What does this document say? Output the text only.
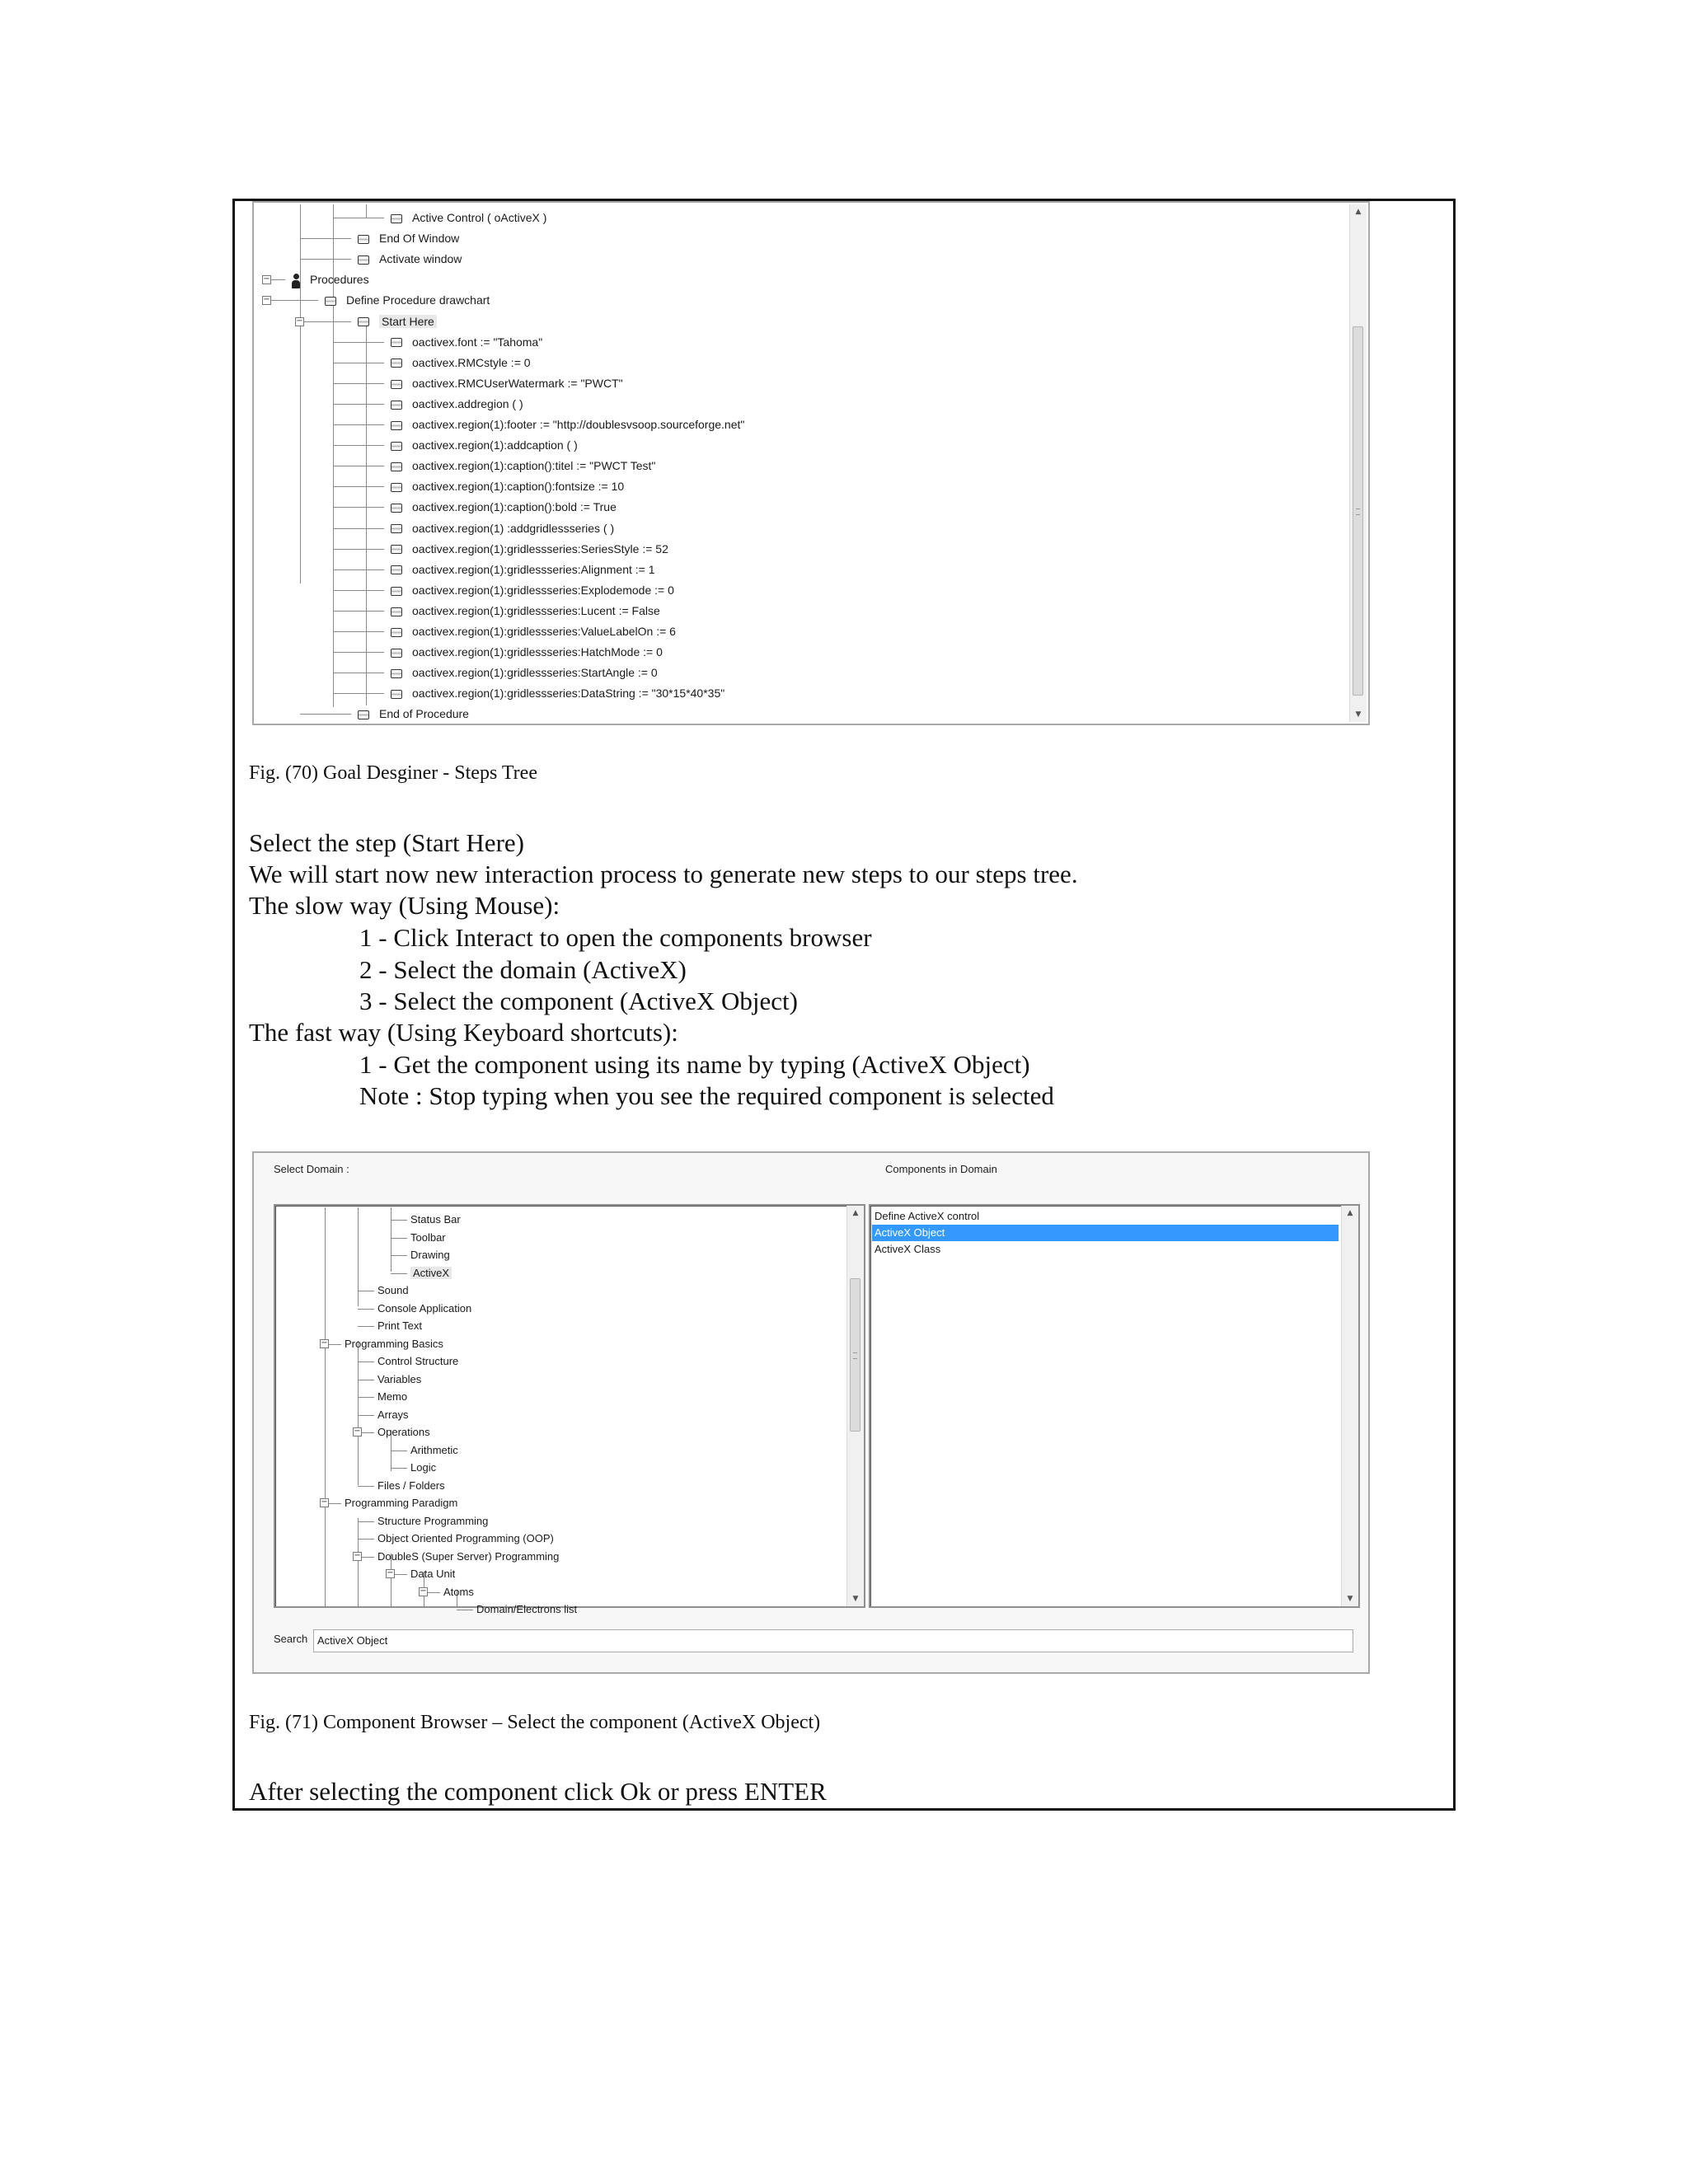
Active Control ( oActiveX )
End Of Window
Activate window
−	Procedures
−	Define Procedure drawchart
−	Start Here
oactivex.font := "Tahoma"
oactivex.RMCstyle := 0
oactivex.RMCUserWatermark := "PWCT"
oactivex.addregion ( )
oactivex.region(1):footer := "http://doublesvsoop.sourceforge.net"
oactivex.region(1):addcaption ( )
oactivex.region(1):caption():titel := "PWCT Test"
oactivex.region(1):caption():fontsize := 10
oactivex.region(1):caption():bold := True
oactivex.region(1) :addgridlessseries ( )
oactivex.region(1):gridlessseries:SeriesStyle := 52
oactivex.region(1):gridlessseries:Alignment := 1
oactivex.region(1):gridlessseries:Explodemode := 0
oactivex.region(1):gridlessseries:Lucent := False
oactivex.region(1):gridlessseries:ValueLabelOn := 6
oactivex.region(1):gridlessseries:HatchMode := 0
oactivex.region(1):gridlessseries:StartAngle := 0
oactivex.region(1):gridlessseries:DataString := "30*15*40*35"
End of Procedure
▲
▼
Fig. (70) Goal Desginer - Steps Tree
Select the step (Start Here)
We will start now new interaction process to generate new steps to our steps tree.
The slow way (Using Mouse):
1 - Click Interact to open the components browser
2 - Select the domain (ActiveX)
3 - Select the component (ActiveX Object)
The fast way (Using Keyboard shortcuts):
1 - Get the component using its name by typing (ActiveX Object)
Note : Stop typing when you see the required component is selected
Select Domain :	Components in Domain
Status Bar
Toolbar
Drawing
ActiveX
Sound
Console Application
Print Text
− Programming Basics
Control Structure
Variables
Memo
Arrays
− Operations
Arithmetic
Logic
Files / Folders
− Programming Paradigm
Structure Programming
Object Oriented Programming (OOP)
− DoubleS (Super Server) Programming
− Data Unit
− Atoms
Domain/Electrons list
▲
▼
Define ActiveX control
ActiveX Object
ActiveX Class
▲
▼
Search ActiveX Object
Fig. (71) Component Browser – Select the component (ActiveX Object)
After selecting the component click Ok or press ENTER
